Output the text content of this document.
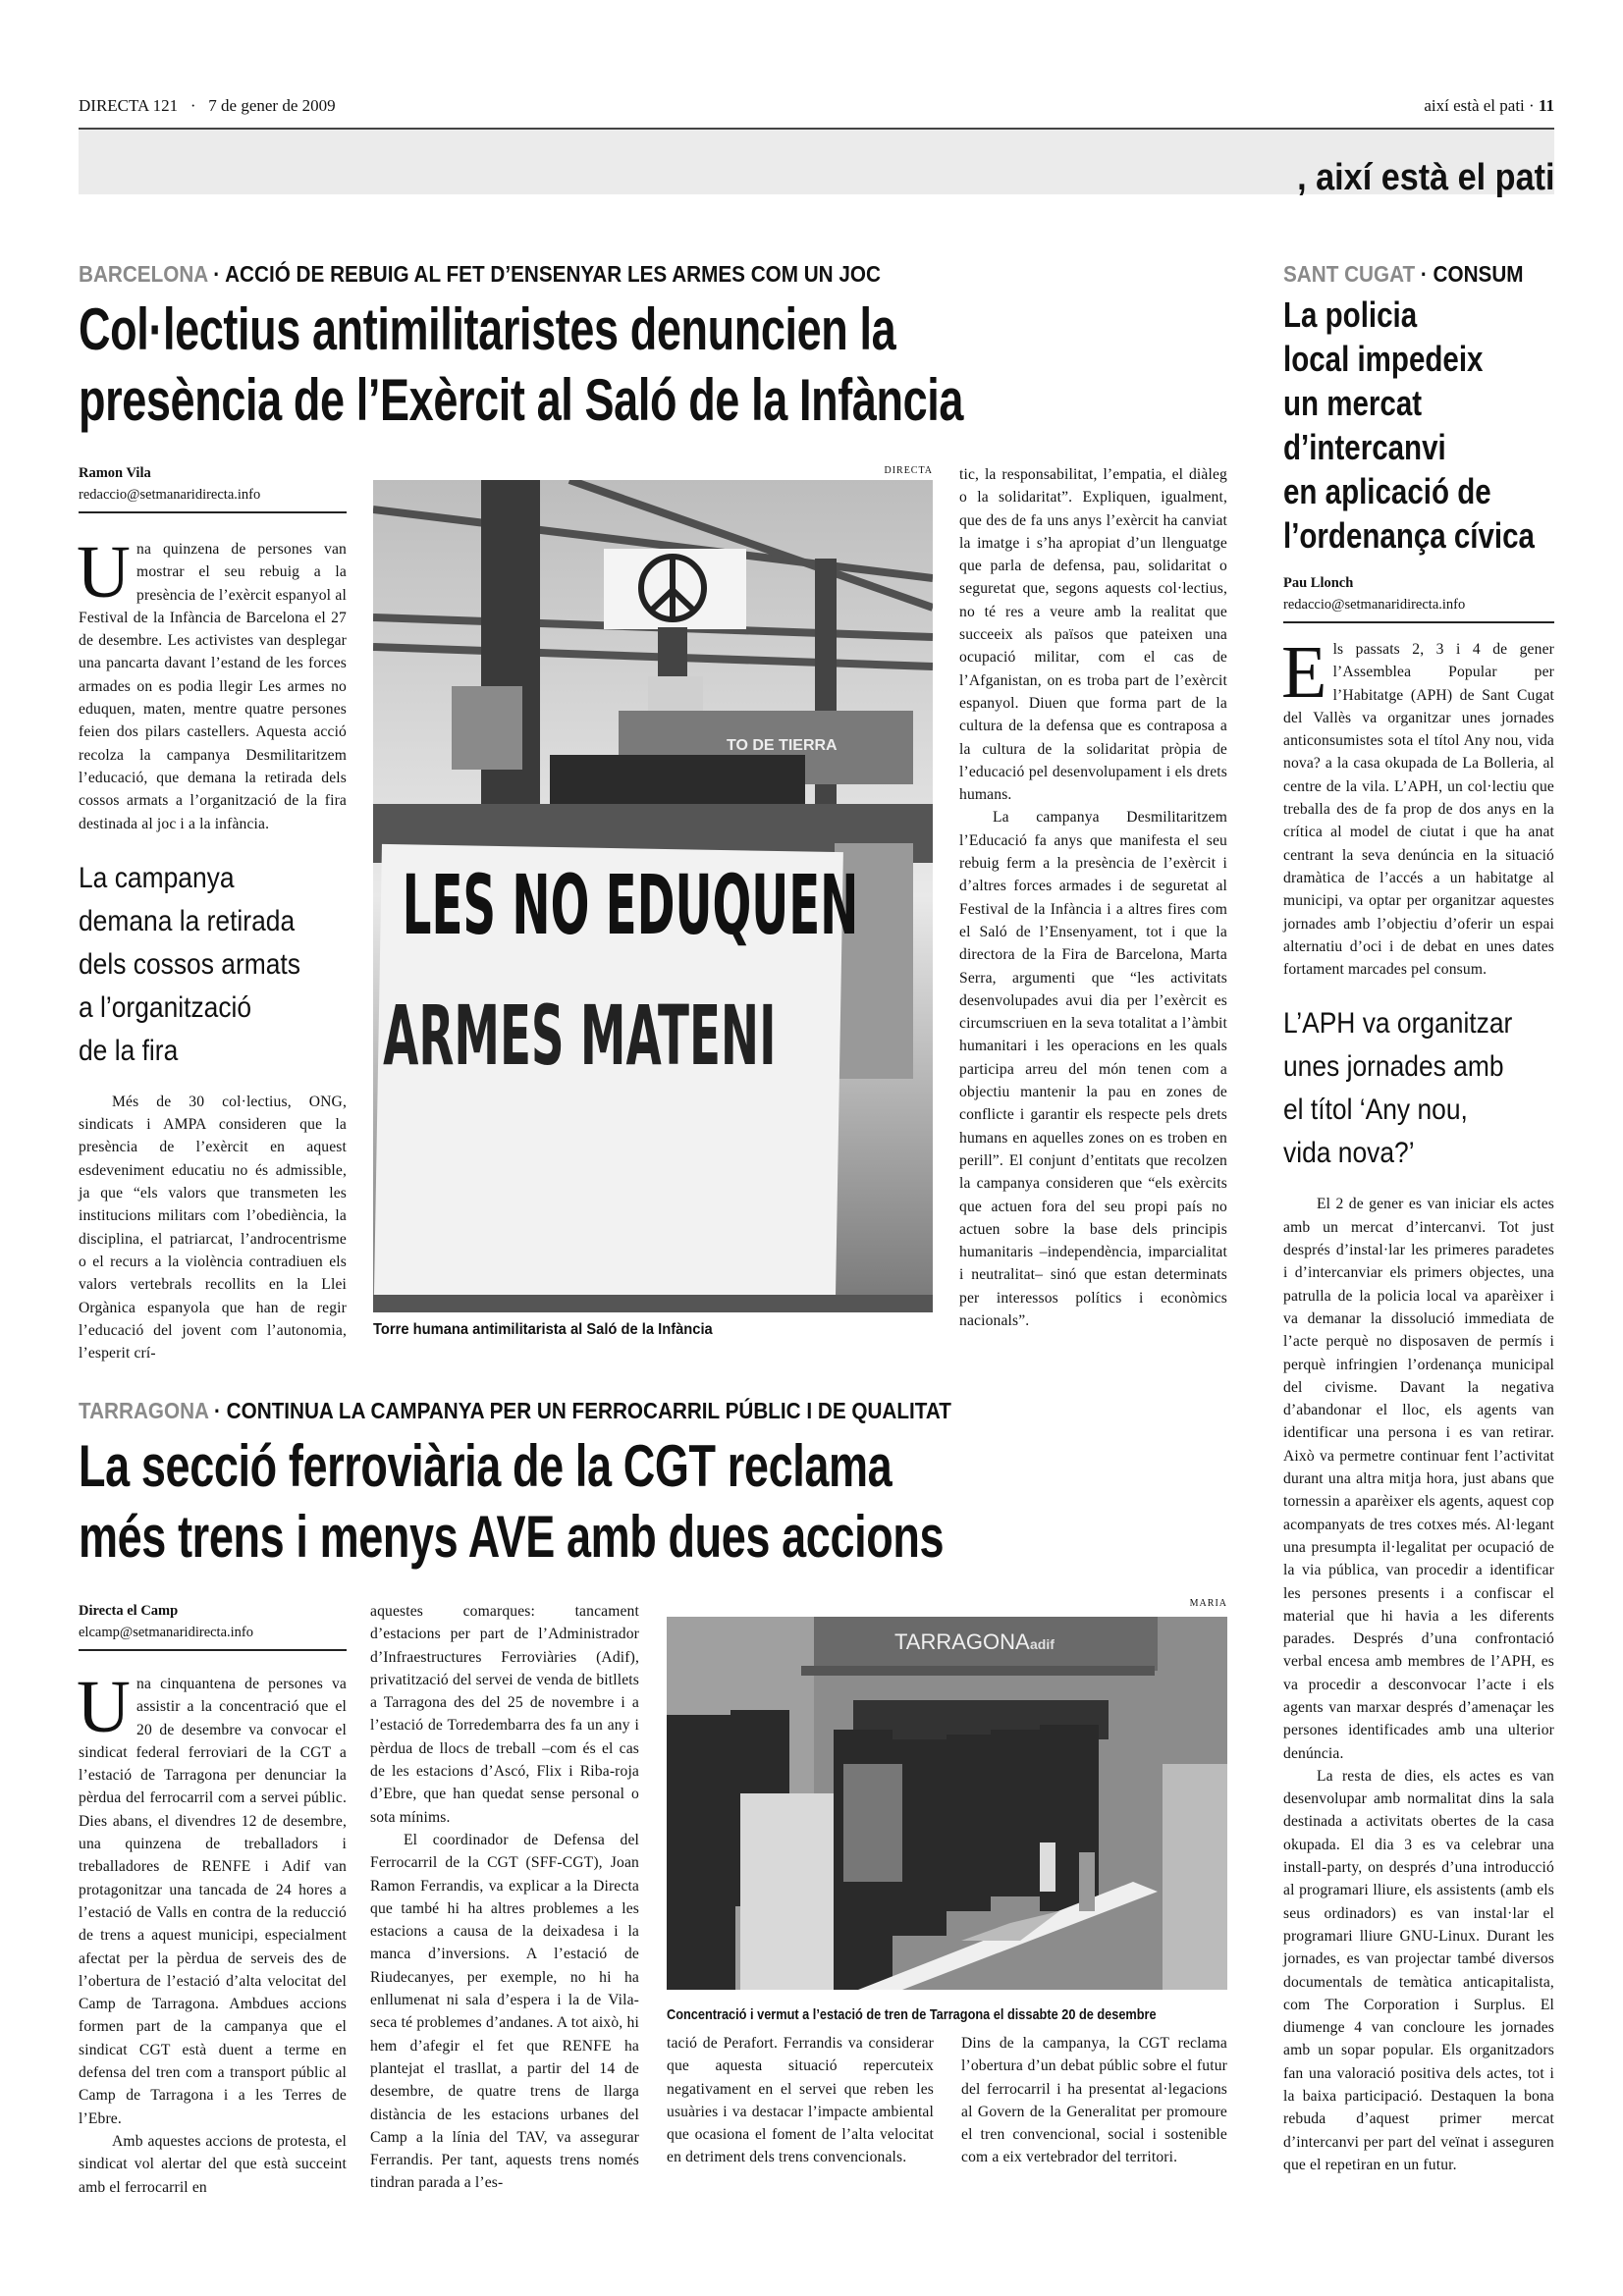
DIRECTA 121 · 7 de gener de 2009	així està el pati · 11
, així està el pati
BARCELONA · ACCIÓ DE REBUIG AL FET D’ENSENYAR LES ARMES COM UN JOC
Col·lectius antimilitaristes denuncien la
presència de l’Exèrcit al Saló de la Infància
Ramon Vila
redaccio@setmanaridirecta.info

Una quinzena de persones van mostrar el seu rebuig a la presència de l’exèrcit espanyol al Festival de la Infància de Barcelona el 27 de desembre. Les activistes van desplegar una pancarta davant l’estand de les forces armades on es podia llegir Les armes no eduquen, maten, mentre quatre persones feien dos pilars castellers. Aquesta acció recolza la campanya Desmilitaritzem l’educació, que demana la retirada dels cossos armats a l’organització de la fira destinada al joc i a la infància.

La campanya
demana la retirada
dels cossos armats
a l’organització
de la fira

Més de 30 col·lectius, ONG, sindicats i AMPA consideren que la presència de l’exèrcit en aquest esdeveniment educatiu no és admissible, ja que “els valors que transmeten les institucions militars com l’obediència, la disciplina, el patriarcat, l’androcentrisme o el recurs a la violència contradiuen els valors vertebrals recollits en la Llei Orgànica espanyola que han de regir l’educació del jovent com l’autonomia, l’esperit crí-

DIRECTA
TO DE TIERRA
LES NO EDUQUEN
ARMES MATENI
Torre humana antimilitarista al Saló de la Infància

tic, la responsabilitat, l’empatia, el diàleg o la solidaritat”. Expliquen, igualment, que des de fa uns anys l’exèrcit ha canviat la imatge i s’ha apropiat d’un llenguatge que parla de defensa, pau, solidaritat o seguretat que, segons aquests col·lectius, no té res a veure amb la realitat que succeeix als països que pateixen una ocupació militar, com el cas de l’Afganistan, on es troba part de l’exèrcit espanyol. Diuen que forma part de la cultura de la defensa que es contraposa a la cultura de la solidaritat pròpia de l’educació pel desenvolupament i els drets humans.

La campanya Desmilitaritzem l’Educació fa anys que manifesta el seu rebuig ferm a la presència de l’exèrcit i d’altres forces armades i de seguretat al Festival de la Infància i a altres fires com el Saló de l’Ensenyament, tot i que la directora de la Fira de Barcelona, Marta Serra, argumenti que “les activitats desenvolupades avui dia per l’exèrcit es circumscriuen en la seva totalitat a l’àmbit humanitari i les operacions en les quals participa arreu del món tenen com a objectiu mantenir la pau en zones de conflicte i garantir els respecte pels drets humans en aquelles zones on es troben en perill”. El conjunt d’entitats que recolzen la campanya consideren que “els exèrcits que actuen fora del seu propi país no actuen sobre la base dels principis humanitaris –independència, imparcialitat i neutralitat– sinó que estan determinats per interessos polítics i econòmics nacionals”.

SANT CUGAT · CONSUM
La policia
local impedeix
un mercat
d’intercanvi
en aplicació de
l’ordenança cívica
Pau Llonch
redaccio@setmanaridirecta.info

Els passats 2, 3 i 4 de gener l’Assemblea Popular per l’Habitatge (APH) de Sant Cugat del Vallès va organitzar unes jornades anticonsumistes sota el títol Any nou, vida nova? a la casa okupada de La Bolleria, al centre de la vila. L’APH, un col·lectiu que treballa des de fa prop de dos anys en la crítica al model de ciutat i que ha anat centrant la seva denúncia en la situació dramàtica de l’accés a un habitatge al municipi, va optar per organitzar aquestes jornades amb l’objectiu d’oferir un espai alternatiu d’oci i de debat en unes dates fortament marcades pel consum.

L’APH va organitzar
unes jornades amb
el títol ‘Any nou,
vida nova?’

El 2 de gener es van iniciar els actes amb un mercat d’intercanvi. Tot just després d’instal·lar les primeres paradetes i d’intercanviar els primers objectes, una patrulla de la policia local va aparèixer i va demanar la dissolució immediata de l’acte perquè no disposaven de permís i perquè infringien l’ordenança municipal del civisme. Davant la negativa d’abandonar el lloc, els agents van identificar una persona i es van retirar. Això va permetre continuar fent l’activitat durant una altra mitja hora, just abans que tornessin a aparèixer els agents, aquest cop acompanyats de tres cotxes més. Al·legant una presumpta il·legalitat per ocupació de la via pública, van procedir a identificar les persones presents i a confiscar el material que hi havia a les diferents parades. Després d’una confrontació verbal encesa amb membres de l’APH, es va procedir a desconvocar l’acte i els agents van marxar després d’amenaçar les persones identificades amb una ulterior denúncia.

La resta de dies, els actes es van desenvolupar amb normalitat dins la sala destinada a activitats obertes de la casa okupada. El dia 3 es va celebrar una install-party, on després d’una introducció al programari lliure, els assistents (amb els seus ordinadors) es van instal·lar el programari lliure GNU-Linux. Durant les jornades, es van projectar també diversos documentals de temàtica anticapitalista, com The Corporation i Surplus. El diumenge 4 van concloure les jornades amb un sopar popular. Els organitzadors fan una valoració positiva dels actes, tot i la baixa participació. Destaquen la bona rebuda d’aquest primer mercat d’intercanvi per part del veïnat i asseguren que el repetiran en un futur.

TARRAGONA · CONTINUA LA CAMPANYA PER UN FERROCARRIL PÚBLIC I DE QUALITAT
La secció ferroviària de la CGT reclama
més trens i menys AVE amb dues accions
Directa el Camp
elcamp@setmanaridirecta.info

Una cinquantena de persones va assistir a la concentració que el 20 de desembre va convocar el sindicat federal ferroviari de la CGT a l’estació de Tarragona per denunciar la pèrdua del ferrocarril com a servei públic. Dies abans, el divendres 12 de desembre, una quinzena de treballadors i treballadores de RENFE i Adif van protagonitzar una tancada de 24 hores a l’estació de Valls en contra de la reducció de trens a aquest municipi, especialment afectat per la pèrdua de serveis des de l’obertura de l’estació d’alta velocitat del Camp de Tarragona. Ambdues accions formen part de la campanya que el sindicat CGT està duent a terme en defensa del tren com a transport públic al Camp de Tarragona i a les Terres de l’Ebre.

Amb aquestes accions de protesta, el sindicat vol alertar del que està succeint amb el ferrocarril en

aquestes comarques: tancament d’estacions per part de l’Administrador d’Infraestructures Ferroviàries (Adif), privatització del servei de venda de bitllets a Tarragona des del 25 de novembre i a l’estació de Torredembarra des fa un any i pèrdua de llocs de treball –com és el cas de les estacions d’Ascó, Flix i Riba-roja d’Ebre, que han quedat sense personal o sota mínims.

El coordinador de Defensa del Ferrocarril de la CGT (SFF-CGT), Joan Ramon Ferrandis, va explicar a la Directa que també hi ha altres problemes a les estacions a causa de la deixadesa i la manca d’inversions. A l’estació de Riudecanyes, per exemple, no hi ha enllumenat ni sala d’espera i la de Vila-seca té problemes d’andanes. A tot això, hi hem d’afegir el fet que RENFE ha plantejat el trasllat, a partir del 14 de desembre, de quatre trens de llarga distància de les estacions urbanes del Camp a la línia del TAV, va assegurar Ferrandis. Per tant, aquests trens només tindran parada a l’es-

MARIA
TARRAGONA adif
Concentració i vermut a l’estació de tren de Tarragona el dissabte 20 de desembre

tació de Perafort. Ferrandis va considerar que aquesta situació repercuteix negativament en el servei que reben les usuàries i va destacar l’impacte ambiental que ocasiona el foment de l’alta velocitat en detriment dels trens convencionals.

Dins de la campanya, la CGT reclama l’obertura d’un debat públic sobre el futur del ferrocarril i ha presentat al·legacions al Govern de la Generalitat per promoure el tren convencional, social i sostenible com a eix vertebrador del territori.
